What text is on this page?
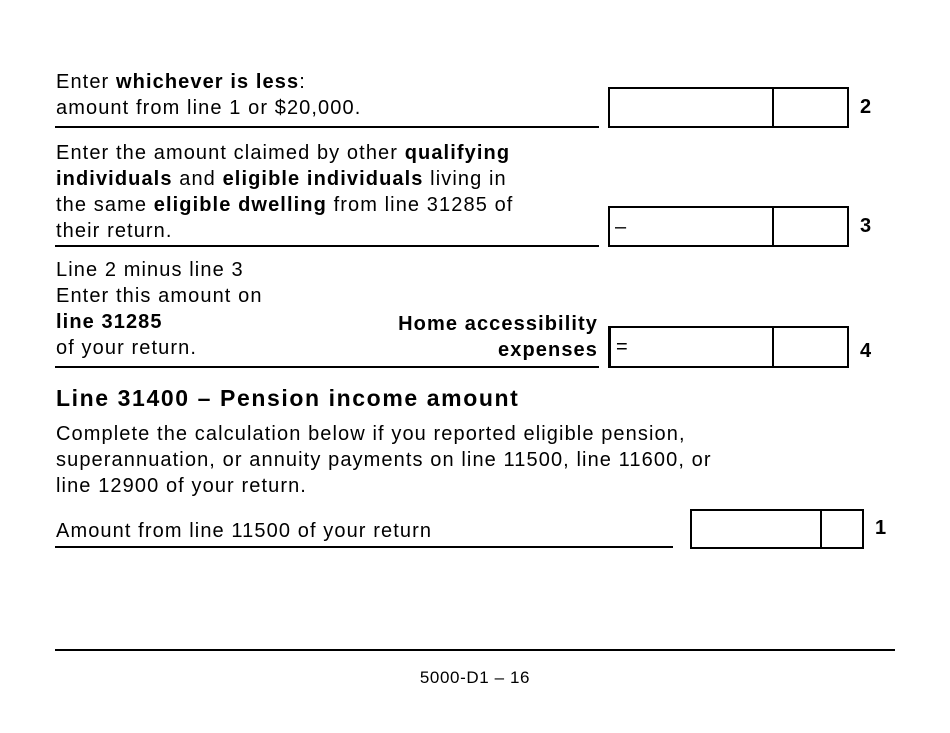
Enter whichever is less:
amount from line 1 or $20,000.	2
Enter the amount claimed by other qualifying
individuals and eligible individuals living in
the same eligible dwelling from line 31285 of
their return.	–	3
Line 2 minus line 3
Enter this amount on
line 31285
of your return.
Home accessibility
expenses =	4
Line 31400 – Pension income amount
Complete the calculation below if you reported eligible pension,
superannuation, or annuity payments on line 11500, line 11600, or
line 12900 of your return.
Amount from line 11500 of your return	1
5000-D1 – 16
